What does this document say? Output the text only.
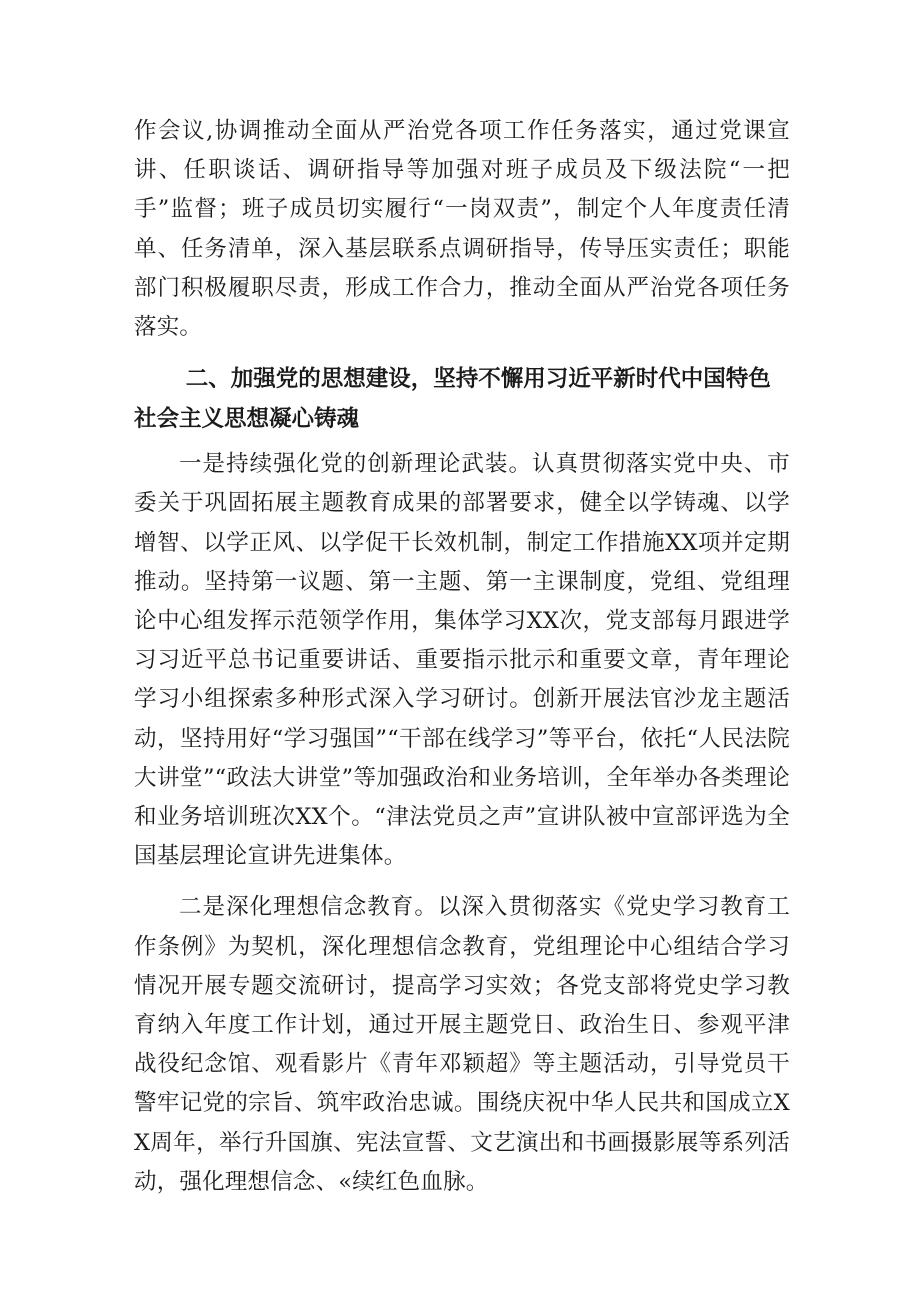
作会议,协调推动全面从严治党各项工作任务落实，通过党课宣讲、任职谈话、调研指导等加强对班子成员及下级法院“一把手”监督；班子成员切实履行“一岗双责”，制定个人年度责任清单、任务清单，深入基层联系点调研指导，传导压实责任；职能部门积极履职尽责，形成工作合力，推动全面从严治党各项任务落实。

二、加强党的思想建设，坚持不懈用习近平新时代中国特色社会主义思想凝心铸魂

一是持续强化党的创新理论武装。认真贯彻落实党中央、市委关于巩固拓展主题教育成果的部署要求，健全以学铸魂、以学增智、以学正风、以学促干长效机制，制定工作措施XX项并定期推动。坚持第一议题、第一主题、第一主课制度，党组、党组理论中心组发挥示范领学作用，集体学习XX次，党支部每月跟进学习习近平总书记重要讲话、重要指示批示和重要文章，青年理论学习小组探索多种形式深入学习研讨。创新开展法官沙龙主题活动，坚持用好“学习强国”“干部在线学习”等平台，依托“人民法院大讲堂”“政法大讲堂”等加强政治和业务培训，全年举办各类理论和业务培训班次XX个。“津法党员之声”宣讲队被中宣部评选为全国基层理论宣讲先进集体。

二是深化理想信念教育。以深入贯彻落实《党史学习教育工作条例》为契机，深化理想信念教育，党组理论中心组结合学习情况开展专题交流研讨，提高学习实效；各党支部将党史学习教育纳入年度工作计划，通过开展主题党日、政治生日、参观平津战役纪念馆、观看影片《青年邓颖超》等主题活动，引导党员干警牢记党的宗旨、筑牢政治忠诚。围绕庆祝中华人民共和国成立XX周年，举行升国旗、宪法宣誓、文艺演出和书画摄影展等系列活动，强化理想信念、«续红色血脉。
